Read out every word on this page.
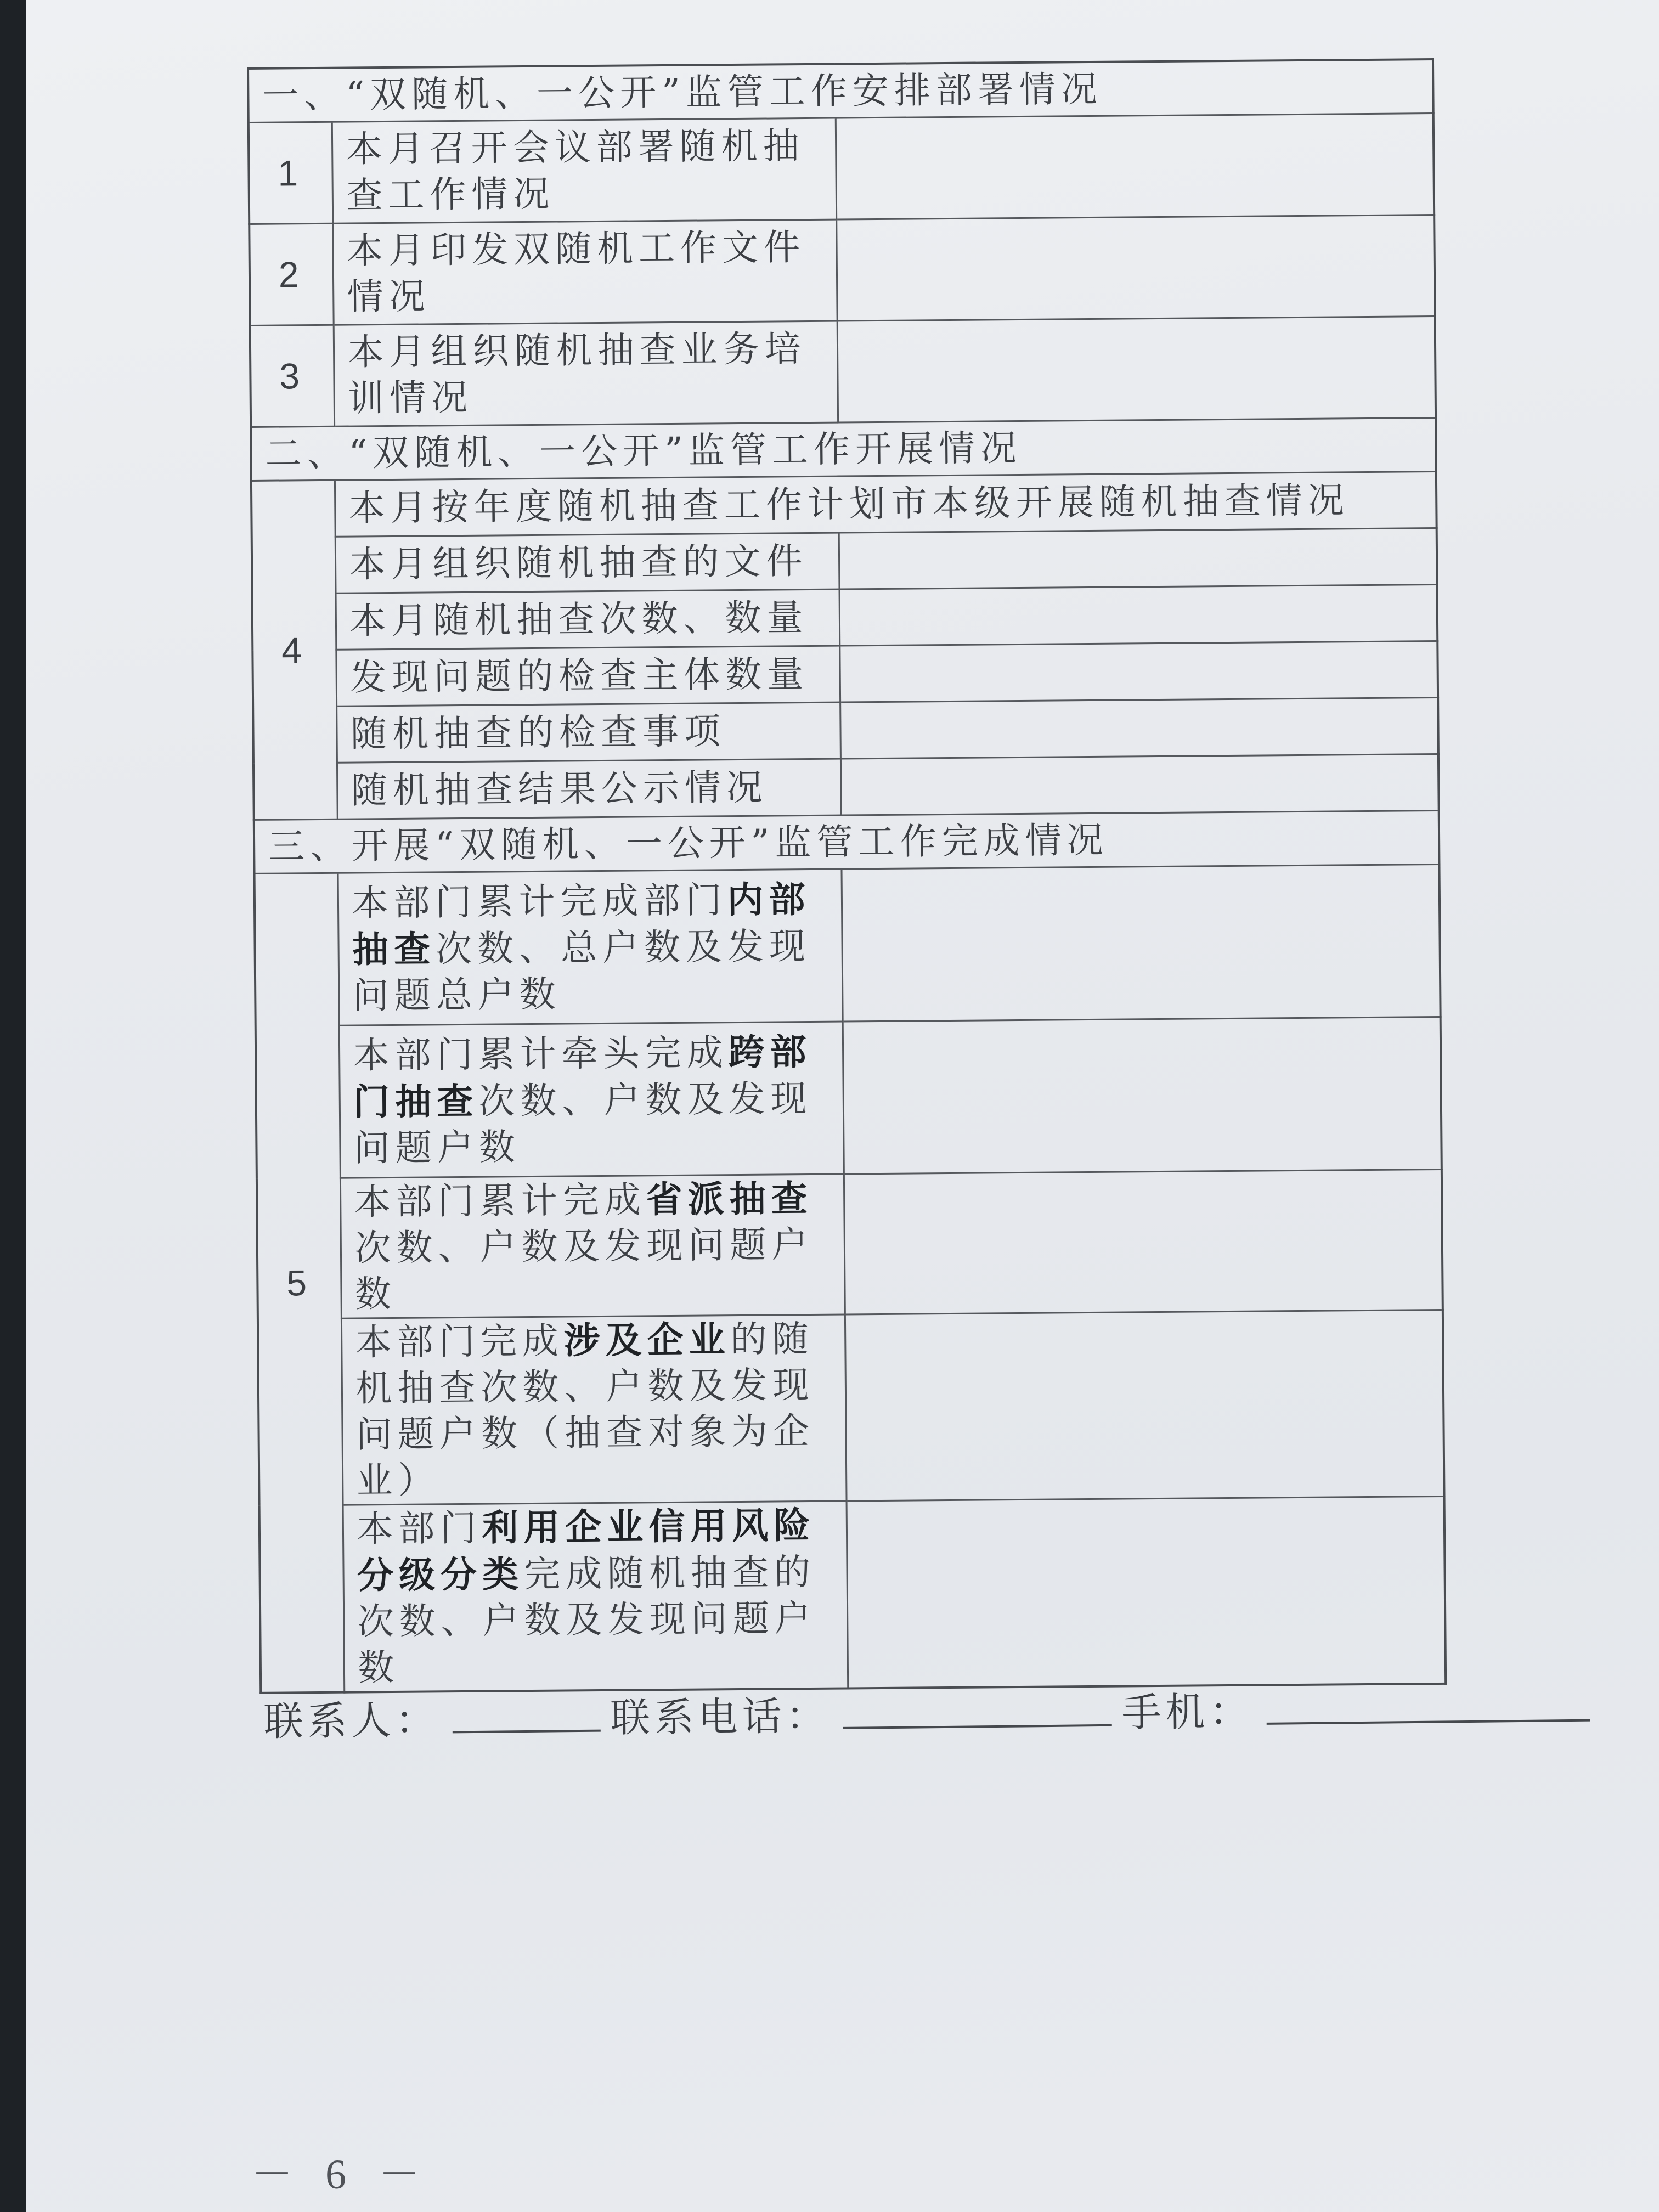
一、“双随机、一公开”监管工作安排部署情况		
1	本月召开会议部署随机抽查工作情况	
2	本月印发双随机工作文件情况	
3	本月组织随机抽查业务培训情况	
二、“双随机、一公开”监管工作开展情况		
4	本月按年度随机抽查工作计划市本级开展随机抽查情况	
	本月组织随机抽查的文件	
	本月随机抽查次数、数量	
	发现问题的检查主体数量	
	随机抽查的检查事项	
	随机抽查结果公示情况	
三、开展“双随机、一公开”监管工作完成情况		
5	本部门累计完成部门内部抽查次数、总户数及发现问题总户数	
	本部门累计牵头完成跨部门抽查次数、户数及发现问题户数	
	本部门累计完成省派抽查次数、户数及发现问题户数	
	本部门完成涉及企业的随机抽查次数、户数及发现问题户数（抽查对象为企业）	
	本部门利用企业信用风险分级分类完成随机抽查的次数、户数及发现问题户数	
联系人：	联系电话：	手机：
－ 6 －
